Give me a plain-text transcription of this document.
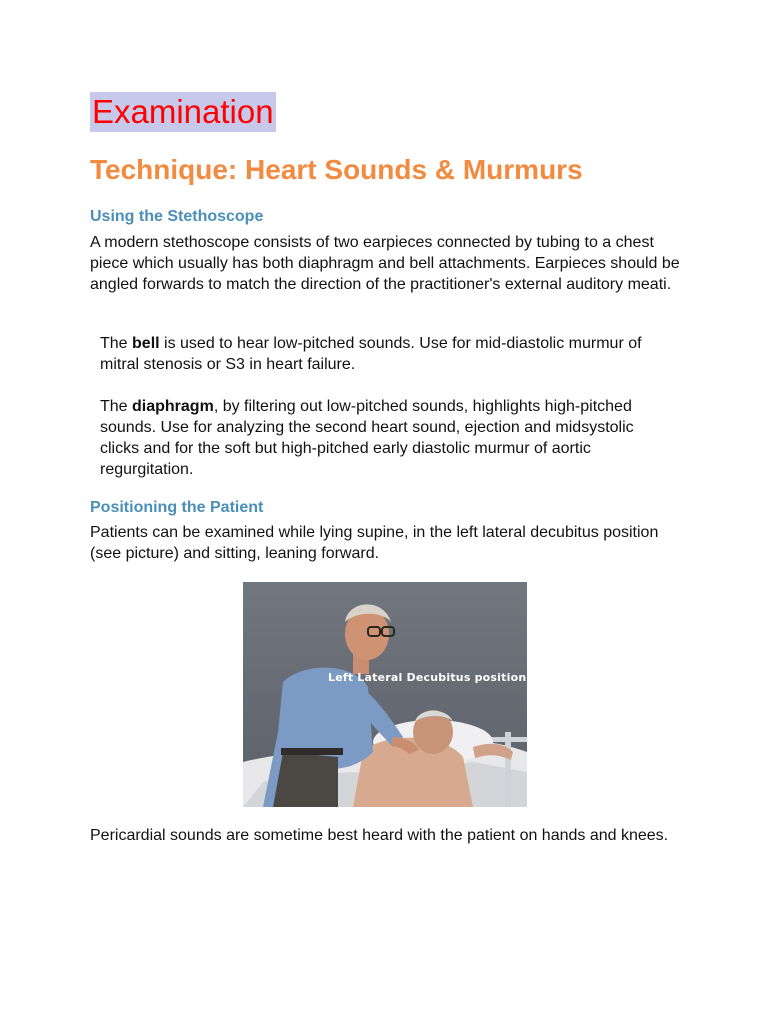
Examination
Technique: Heart Sounds & Murmurs
Using the Stethoscope
A modern stethoscope consists of two earpieces connected by tubing to a chest piece which usually has both diaphragm and bell attachments. Earpieces should be angled forwards to match the direction of the practitioner's external auditory meati.
The bell is used to hear low-pitched sounds. Use for mid-diastolic murmur of mitral stenosis or S3 in heart failure.
The diaphragm, by filtering out low-pitched sounds, highlights high-pitched sounds. Use for analyzing the second heart sound, ejection and midsystolic clicks and for the soft but high-pitched early diastolic murmur of aortic regurgitation.
Positioning the Patient
Patients can be examined while lying supine, in the left lateral decubitus position (see picture) and sitting, leaning forward.
Left Lateral Decubitus position
Pericardial sounds are sometime best heard with the patient on hands and knees.
